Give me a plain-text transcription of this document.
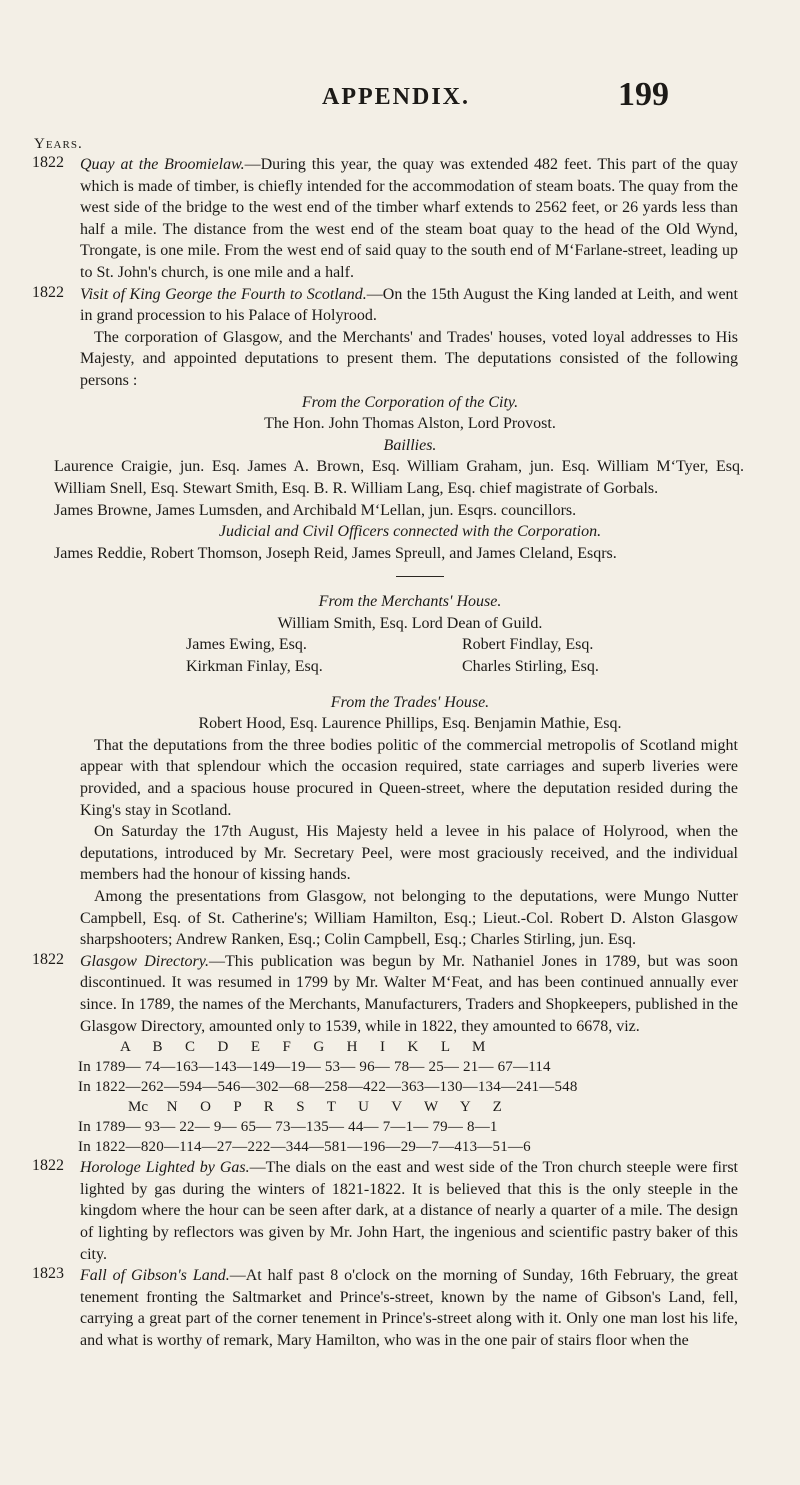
APPENDIX.	199
Years.
1822	Quay at the Broomielaw.—During this year, the quay was extended 482 feet. This part of the quay which is made of timber, is chiefly intended for the accommodation of steam boats. The quay from the west side of the bridge to the west end of the timber wharf extends to 2562 feet, or 26 yards less than half a mile. The distance from the west end of the steam boat quay to the head of the Old Wynd, Trongate, is one mile. From the west end of said quay to the south end of M‘Farlane-street, leading up to St. John's church, is one mile and a half.
1822	Visit of King George the Fourth to Scotland.—On the 15th August the King landed at Leith, and went in grand procession to his Palace of Holyrood.
The corporation of Glasgow, and the Merchants' and Trades' houses, voted loyal addresses to His Majesty, and appointed deputations to present them. The deputations consisted of the following persons :
From the Corporation of the City.
The Hon. John Thomas Alston, Lord Provost.
Baillies.
Laurence Craigie, jun. Esq. James A. Brown, Esq. William Graham, jun. Esq. William M‘Tyer, Esq. William Snell, Esq. Stewart Smith, Esq. B. R. William Lang, Esq. chief magistrate of Gorbals.
James Browne, James Lumsden, and Archibald M‘Lellan, jun. Esqrs. councillors.
Judicial and Civil Officers connected with the Corporation.
James Reddie, Robert Thomson, Joseph Reid, James Spreull, and James Cleland, Esqrs.
From the Merchants' House.
William Smith, Esq. Lord Dean of Guild.
James Ewing, Esq.	Robert Findlay, Esq.
Kirkman Finlay, Esq.	Charles Stirling, Esq.
From the Trades' House.
Robert Hood, Esq. Laurence Phillips, Esq. Benjamin Mathie, Esq.
That the deputations from the three bodies politic of the commercial metropolis of Scotland might appear with that splendour which the occasion required, state carriages and superb liveries were provided, and a spacious house procured in Queen-street, where the deputation resided during the King's stay in Scotland.
On Saturday the 17th August, His Majesty held a levee in his palace of Holyrood, when the deputations, introduced by Mr. Secretary Peel, were most graciously received, and the individual members had the honour of kissing hands.
Among the presentations from Glasgow, not belonging to the deputations, were Mungo Nutter Campbell, Esq. of St. Catherine's; William Hamilton, Esq.; Lieut.-Col. Robert D. Alston Glasgow sharpshooters; Andrew Ranken, Esq.; Colin Campbell, Esq.; Charles Stirling, jun. Esq.
1822	Glasgow Directory.—This publication was begun by Mr. Nathaniel Jones in 1789, but was soon discontinued. It was resumed in 1799 by Mr. Walter M‘Feat, and has been continued annually ever since. In 1789, the names of the Merchants, Manufacturers, Traders and Shopkeepers, published in the Glasgow Directory, amounted only to 1539, while in 1822, they amounted to 6678, viz.
A      B      C      D      E      F      G      H      I      K      L      M
In 1789— 74—163—143—149—19— 53— 96— 78— 25— 21— 67—114
In 1822—262—594—546—302—68—258—422—363—130—134—241—548
Mc     N      O      P      R      S      T      U      V      W      Y      Z
In 1789— 93— 22— 9— 65— 73—135— 44— 7—1— 79— 8—1
In 1822—820—114—27—222—344—581—196—29—7—413—51—6
1822	Horologe Lighted by Gas.—The dials on the east and west side of the Tron church steeple were first lighted by gas during the winters of 1821-1822. It is believed that this is the only steeple in the kingdom where the hour can be seen after dark, at a distance of nearly a quarter of a mile. The design of lighting by reflectors was given by Mr. John Hart, the ingenious and scientific pastry baker of this city.
1823	Fall of Gibson's Land.—At half past 8 o'clock on the morning of Sunday, 16th February, the great tenement fronting the Saltmarket and Prince's-street, known by the name of Gibson's Land, fell, carrying a great part of the corner tenement in Prince's-street along with it. Only one man lost his life, and what is worthy of remark, Mary Hamilton, who was in the one pair of stairs floor when the
